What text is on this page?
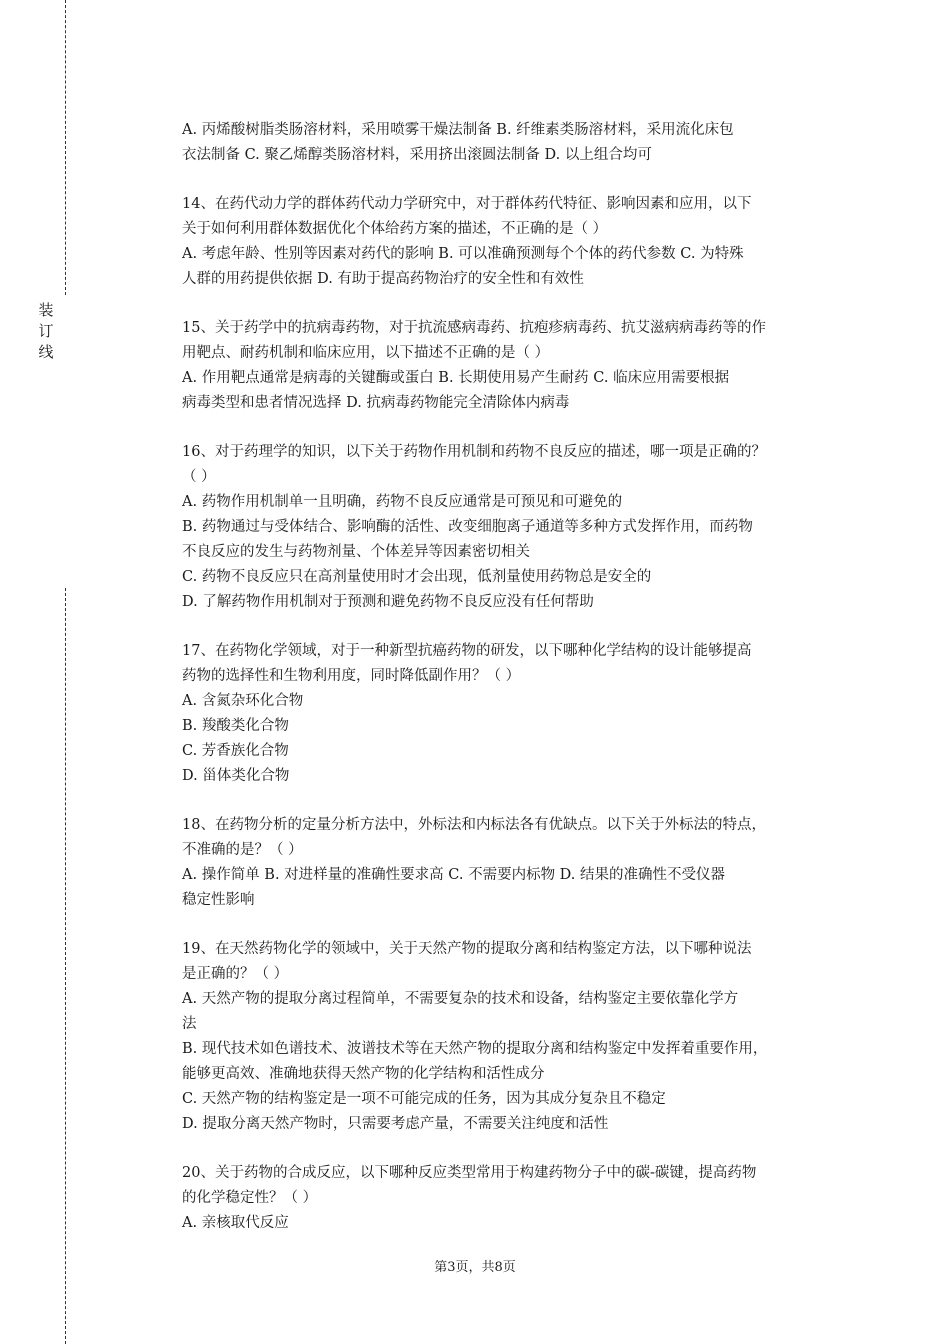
装
订
线
A. 丙烯酸树脂类肠溶材料，采用喷雾干燥法制备 B. 纤维素类肠溶材料，采用流化床包
衣法制备 C. 聚乙烯醇类肠溶材料，采用挤出滚圆法制备 D. 以上组合均可
14、在药代动力学的群体药代动力学研究中，对于群体药代特征、影响因素和应用，以下
关于如何利用群体数据优化个体给药方案的描述，不正确的是（ ）
A. 考虑年龄、性别等因素对药代的影响 B. 可以准确预测每个个体的药代参数 C. 为特殊
人群的用药提供依据 D. 有助于提高药物治疗的安全性和有效性
15、关于药学中的抗病毒药物，对于抗流感病毒药、抗疱疹病毒药、抗艾滋病病毒药等的作
用靶点、耐药机制和临床应用，以下描述不正确的是（ ）
A. 作用靶点通常是病毒的关键酶或蛋白 B. 长期使用易产生耐药 C. 临床应用需要根据
病毒类型和患者情况选择 D. 抗病毒药物能完全清除体内病毒
16、对于药理学的知识，以下关于药物作用机制和药物不良反应的描述，哪一项是正确的？
（ ）
A. 药物作用机制单一且明确，药物不良反应通常是可预见和可避免的
B. 药物通过与受体结合、影响酶的活性、改变细胞离子通道等多种方式发挥作用，而药物
不良反应的发生与药物剂量、个体差异等因素密切相关
C. 药物不良反应只在高剂量使用时才会出现，低剂量使用药物总是安全的
D. 了解药物作用机制对于预测和避免药物不良反应没有任何帮助
17、在药物化学领域，对于一种新型抗癌药物的研发，以下哪种化学结构的设计能够提高
药物的选择性和生物利用度，同时降低副作用？（ ）
A. 含氮杂环化合物
B. 羧酸类化合物
C. 芳香族化合物
D. 甾体类化合物
18、在药物分析的定量分析方法中，外标法和内标法各有优缺点。以下关于外标法的特点，
不准确的是？（ ）
A. 操作简单 B. 对进样量的准确性要求高 C. 不需要内标物 D. 结果的准确性不受仪器
稳定性影响
19、在天然药物化学的领域中，关于天然产物的提取分离和结构鉴定方法，以下哪种说法
是正确的？（ ）
A. 天然产物的提取分离过程简单，不需要复杂的技术和设备，结构鉴定主要依靠化学方
法
B. 现代技术如色谱技术、波谱技术等在天然产物的提取分离和结构鉴定中发挥着重要作用，
能够更高效、准确地获得天然产物的化学结构和活性成分
C. 天然产物的结构鉴定是一项不可能完成的任务，因为其成分复杂且不稳定
D. 提取分离天然产物时，只需要考虑产量，不需要关注纯度和活性
20、关于药物的合成反应，以下哪种反应类型常用于构建药物分子中的碳-碳键，提高药物
的化学稳定性？（ ）
A. 亲核取代反应
第3页，共8页
